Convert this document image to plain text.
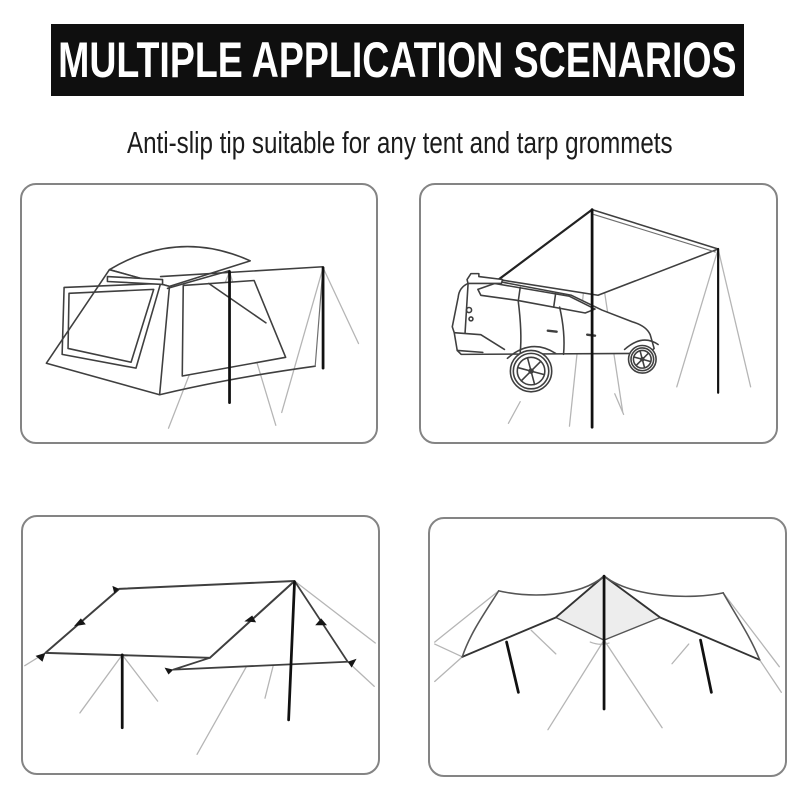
MULTIPLE APPLICATION SCENARIOS
Anti-slip tip suitable for any tent and tarp grommets
